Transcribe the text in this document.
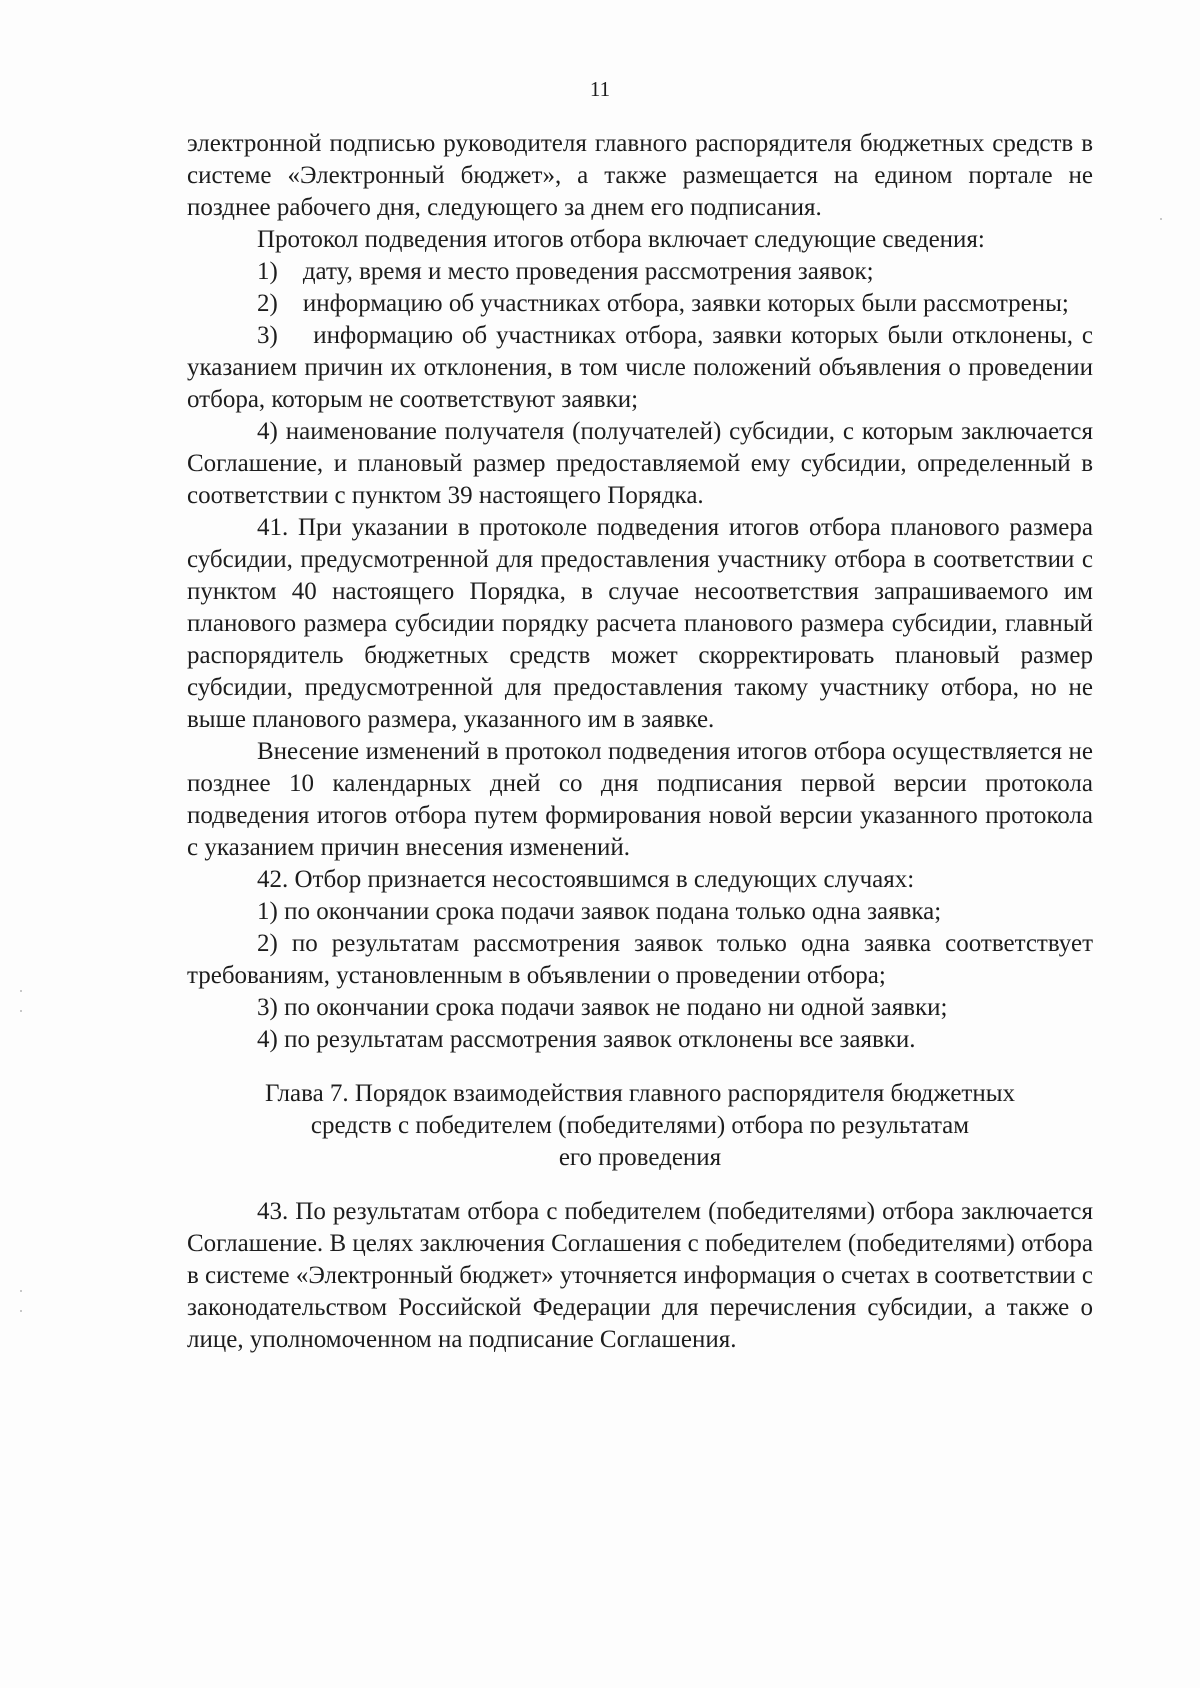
11

электронной подписью руководителя главного распорядителя бюджетных средств в системе «Электронный бюджет», а также размещается на едином портале не позднее рабочего дня, следующего за днем его подписания.

Протокол подведения итогов отбора включает следующие сведения:

1)    дату, время и место проведения рассмотрения заявок;

2)    информацию об участниках отбора, заявки которых были рассмотрены;

3)    информацию об участниках отбора, заявки которых были отклонены, с указанием причин их отклонения, в том числе положений объявления о проведении отбора, которым не соответствуют заявки;

4) наименование получателя (получателей) субсидии, с которым заключается Соглашение, и плановый размер предоставляемой ему субсидии, определенный в соответствии с пунктом 39 настоящего Порядка.

41. При указании в протоколе подведения итогов отбора планового размера субсидии, предусмотренной для предоставления участнику отбора в соответствии с пунктом 40 настоящего Порядка, в случае несоответствия запрашиваемого им планового размера субсидии порядку расчета планового размера субсидии, главный распорядитель бюджетных средств может скорректировать плановый размер субсидии, предусмотренной для предоставления такому участнику отбора, но не выше планового размера, указанного им в заявке.

Внесение изменений в протокол подведения итогов отбора осуществляется не позднее 10 календарных дней со дня подписания первой версии протокола подведения итогов отбора путем формирования новой версии указанного протокола с указанием причин внесения изменений.

42. Отбор признается несостоявшимся в следующих случаях:

1) по окончании срока подачи заявок подана только одна заявка;

2) по результатам рассмотрения заявок только одна заявка соответствует требованиям, установленным в объявлении о проведении отбора;

3) по окончании срока подачи заявок не подано ни одной заявки;

4) по результатам рассмотрения заявок отклонены все заявки.

Глава 7. Порядок взаимодействия главного распорядителя бюджетных
средств с победителем (победителями) отбора по результатам
его проведения

43. По результатам отбора с победителем (победителями) отбора заключается Соглашение. В целях заключения Соглашения с победителем (победителями) отбора в системе «Электронный бюджет» уточняется информация о счетах в соответствии с законодательством Российской Федерации для перечисления субсидии, а также о лице, уполномоченном на подписание Соглашения.
